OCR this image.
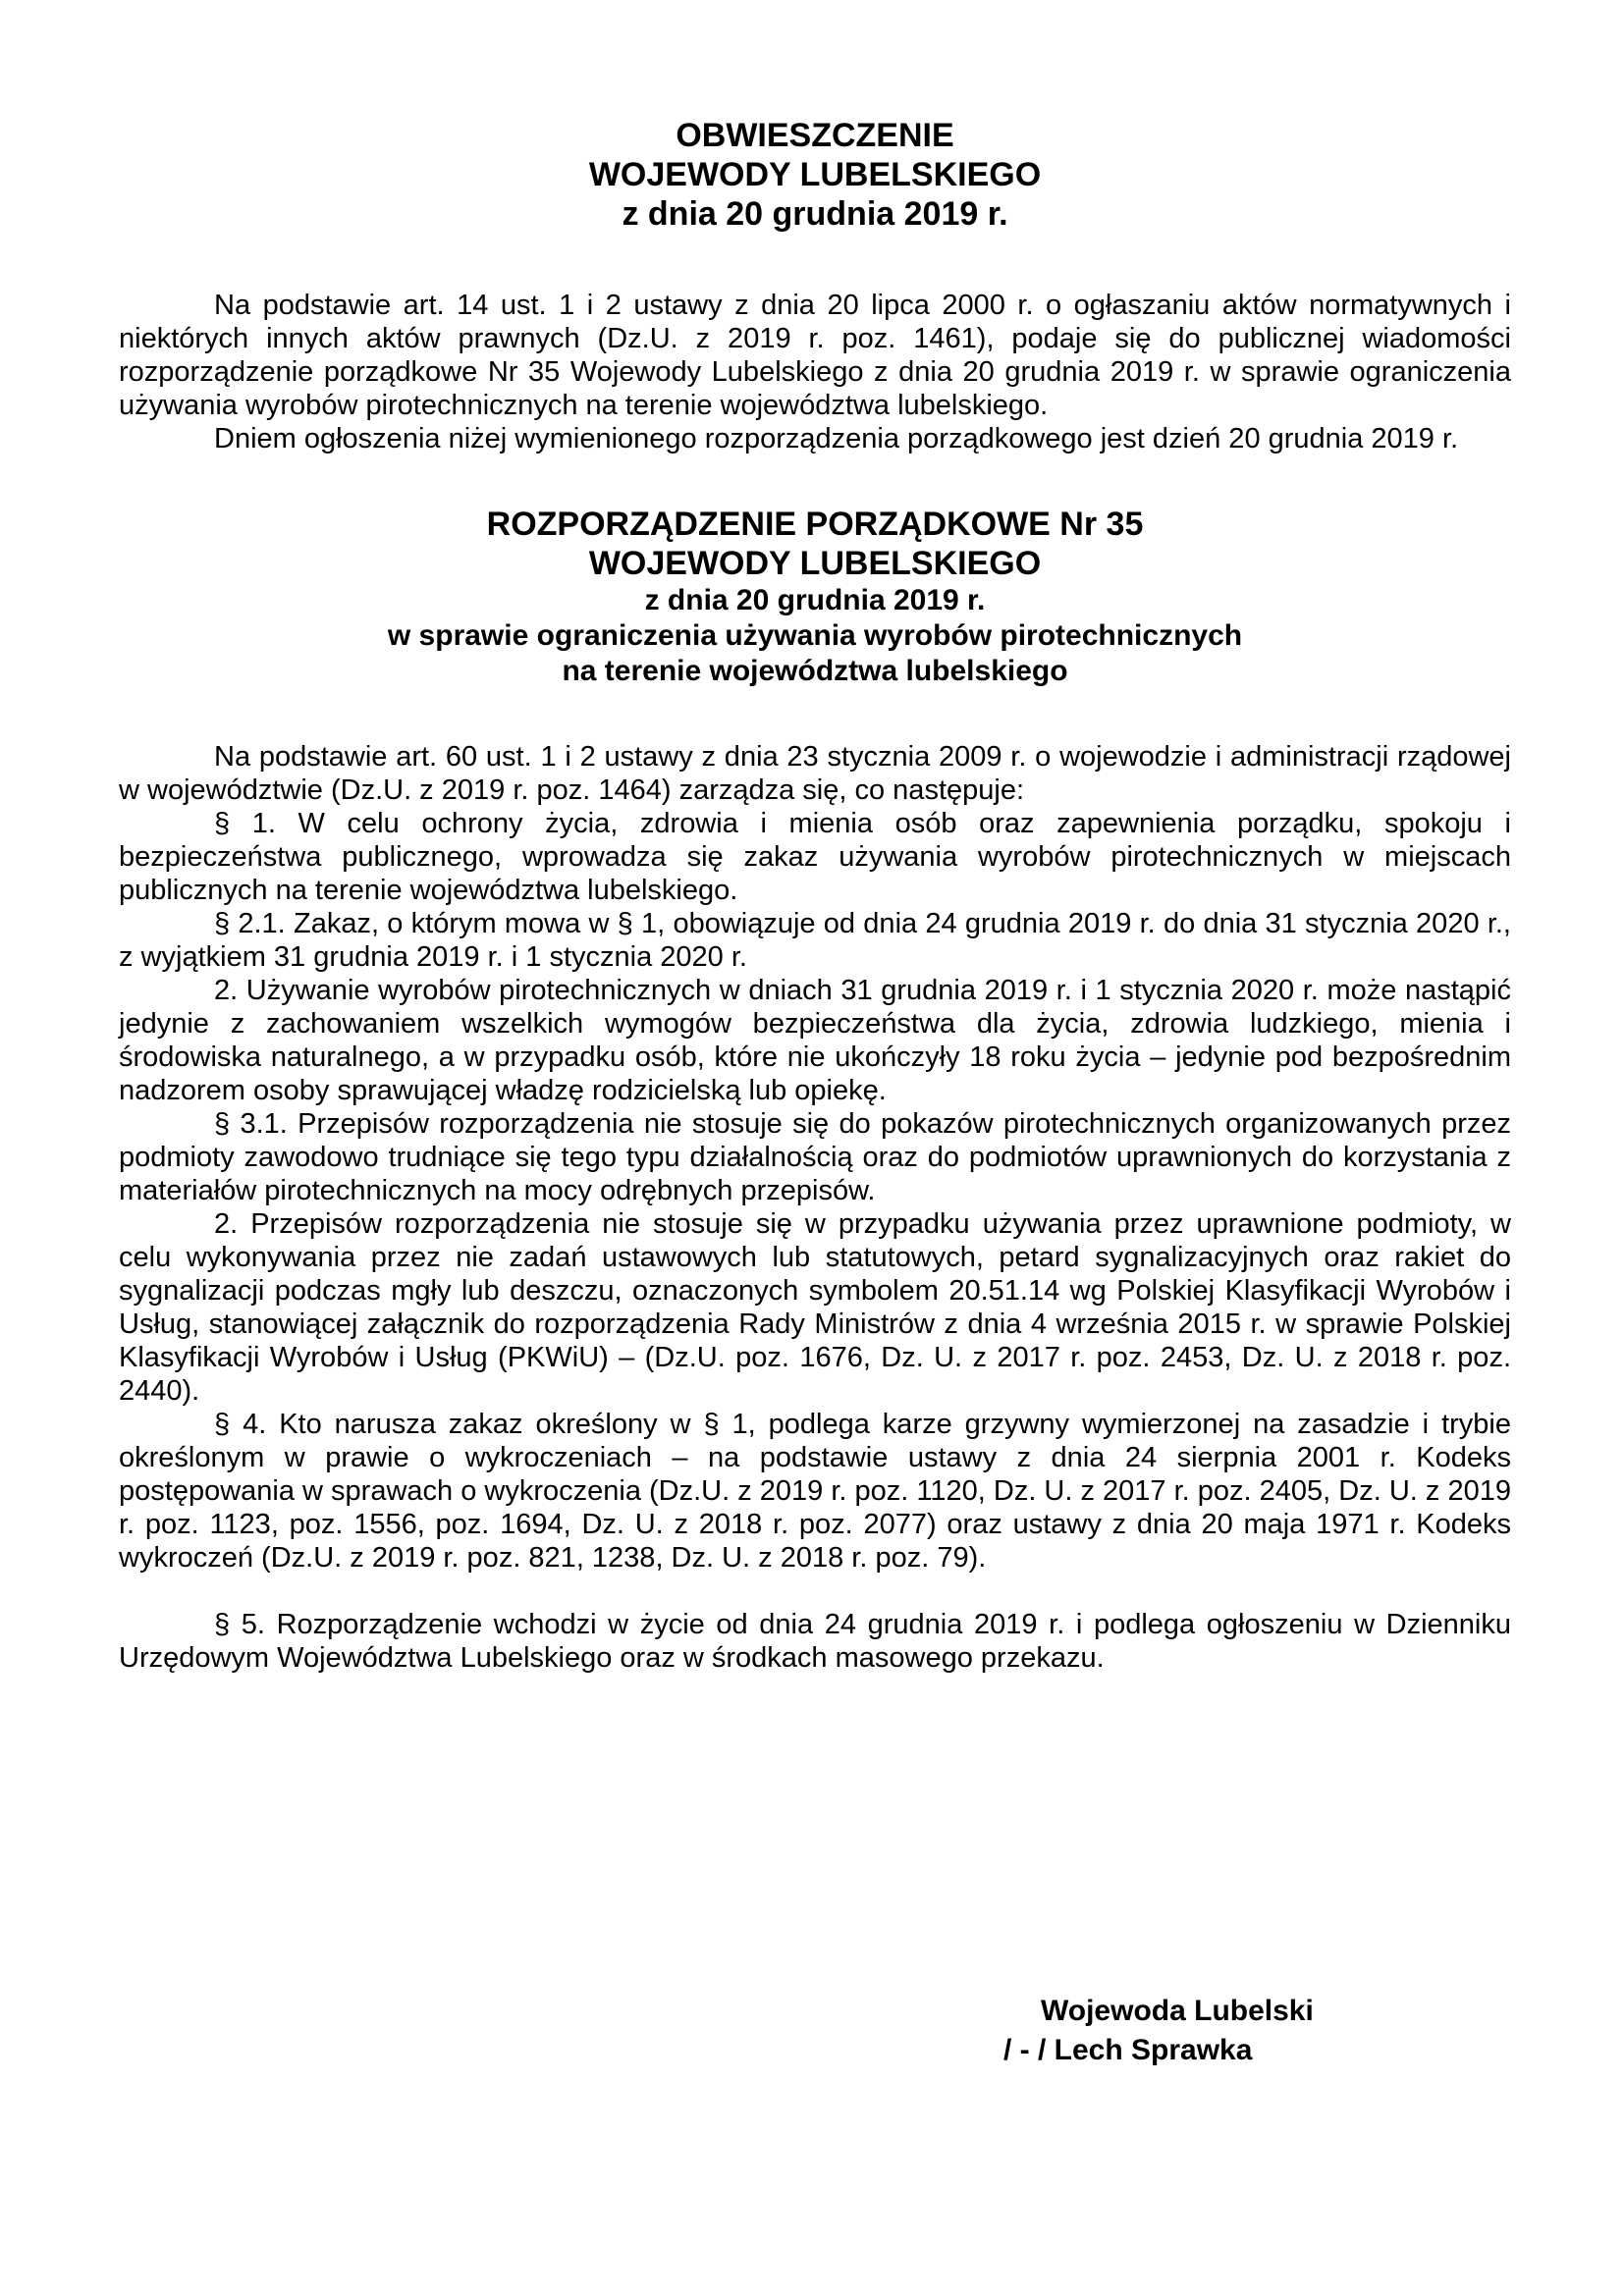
OBWIESZCZENIE

WOJEWODY LUBELSKIEGO

z dnia 20 grudnia 2019 r.

Na podstawie art. 14 ust. 1 i 2 ustawy z dnia 20 lipca 2000 r. o ogłaszaniu aktów normatywnych i niektórych innych aktów prawnych (Dz.U. z 2019 r. poz. 1461), podaje się do publicznej wiadomości rozporządzenie porządkowe Nr 35 Wojewody Lubelskiego z dnia 20 grudnia 2019 r. w sprawie ograniczenia używania wyrobów pirotechnicznych na terenie województwa lubelskiego.

Dniem ogłoszenia niżej wymienionego rozporządzenia porządkowego jest dzień 20 grudnia 2019 r.

ROZPORZĄDZENIE PORZĄDKOWE Nr 35

WOJEWODY LUBELSKIEGO

z dnia 20 grudnia 2019 r.

w sprawie ograniczenia używania wyrobów pirotechnicznych

na terenie województwa lubelskiego

Na podstawie art. 60 ust. 1 i 2 ustawy z dnia 23 stycznia 2009 r. o wojewodzie i administracji rządowej w województwie (Dz.U. z 2019 r. poz. 1464) zarządza się, co następuje:

§ 1. W celu ochrony życia, zdrowia i mienia osób oraz zapewnienia porządku, spokoju i bezpieczeństwa publicznego, wprowadza się zakaz używania wyrobów pirotechnicznych w miejscach publicznych na terenie województwa lubelskiego.

§ 2.1. Zakaz, o którym mowa w § 1, obowiązuje od dnia 24 grudnia 2019 r. do dnia 31 stycznia 2020 r., z wyjątkiem 31 grudnia 2019 r. i 1 stycznia 2020 r.

2. Używanie wyrobów pirotechnicznych w dniach 31 grudnia 2019 r. i 1 stycznia 2020 r. może nastąpić jedynie z zachowaniem wszelkich wymogów bezpieczeństwa dla życia, zdrowia ludzkiego, mienia i środowiska naturalnego, a w przypadku osób, które nie ukończyły 18 roku życia – jedynie pod bezpośrednim nadzorem osoby sprawującej władzę rodzicielską lub opiekę.

§ 3.1. Przepisów rozporządzenia nie stosuje się do pokazów pirotechnicznych organizowanych przez podmioty zawodowo trudniące się tego typu działalnością oraz do podmiotów uprawnionych do korzystania z materiałów pirotechnicznych na mocy odrębnych przepisów.

2. Przepisów rozporządzenia nie stosuje się w przypadku używania przez uprawnione podmioty, w celu wykonywania przez nie zadań ustawowych lub statutowych, petard sygnalizacyjnych oraz rakiet do sygnalizacji podczas mgły lub deszczu, oznaczonych symbolem 20.51.14 wg Polskiej Klasyfikacji Wyrobów i Usług, stanowiącej załącznik do rozporządzenia Rady Ministrów z dnia 4 września 2015 r. w sprawie Polskiej Klasyfikacji Wyrobów i Usług (PKWiU) – (Dz.U. poz. 1676, Dz. U. z 2017 r. poz. 2453, Dz. U. z 2018 r. poz. 2440).

§ 4. Kto narusza zakaz określony w § 1, podlega karze grzywny wymierzonej na zasadzie i trybie określonym w prawie o wykroczeniach – na podstawie ustawy z dnia 24 sierpnia 2001 r. Kodeks postępowania w sprawach o wykroczenia (Dz.U. z 2019 r. poz. 1120, Dz. U. z 2017 r. poz. 2405, Dz. U. z 2019 r. poz. 1123, poz. 1556, poz. 1694, Dz. U. z 2018 r. poz. 2077) oraz ustawy z dnia 20 maja 1971 r. Kodeks wykroczeń (Dz.U. z 2019 r. poz. 821, 1238, Dz. U. z 2018 r. poz. 79).

§ 5. Rozporządzenie wchodzi w życie od dnia 24 grudnia 2019 r. i podlega ogłoszeniu w Dzienniku Urzędowym Województwa Lubelskiego oraz w środkach masowego przekazu.

Wojewoda Lubelski
/ - / Lech Sprawka
